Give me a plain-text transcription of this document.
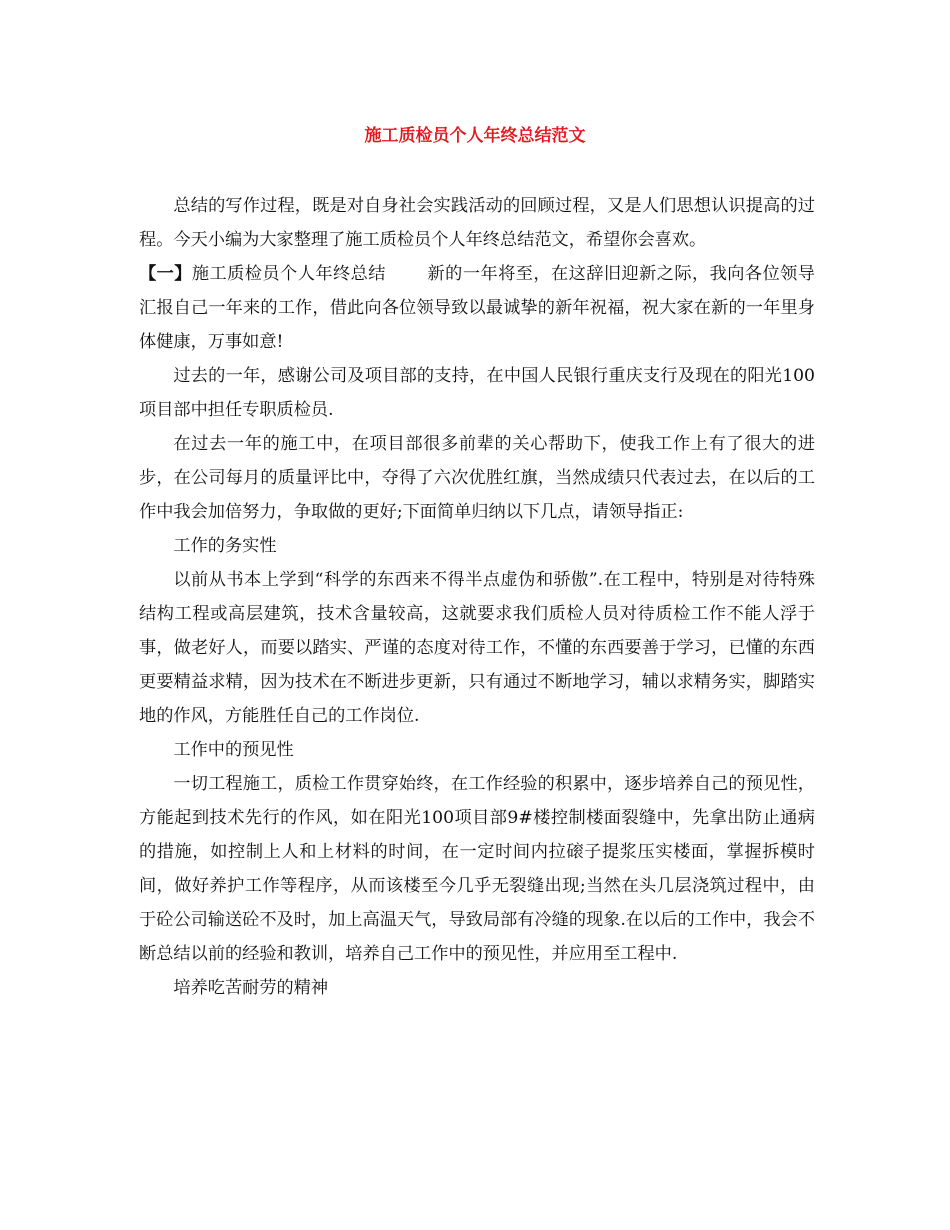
施工质检员个人年终总结范文

总结的写作过程，既是对自身社会实践活动的回顾过程，又是人们思想认识提高的过程。今天小编为大家整理了施工质检员个人年终总结范文，希望你会喜欢。

【一】施工质检员个人年终总结 新的一年将至，在这辞旧迎新之际，我向各位领导汇报自己一年来的工作，借此向各位领导致以最诚挚的新年祝福，祝大家在新的一年里身体健康，万事如意!

过去的一年，感谢公司及项目部的支持，在中国人民银行重庆支行及现在的阳光100项目部中担任专职质检员.

在过去一年的施工中，在项目部很多前辈的关心帮助下，使我工作上有了很大的进步，在公司每月的质量评比中，夺得了六次优胜红旗，当然成绩只代表过去，在以后的工作中我会加倍努力，争取做的更好;下面简单归纳以下几点，请领导指正:

工作的务实性

以前从书本上学到“科学的东西来不得半点虚伪和骄傲”.在工程中，特别是对待特殊结构工程或高层建筑，技术含量较高，这就要求我们质检人员对待质检工作不能人浮于事，做老好人，而要以踏实、严谨的态度对待工作，不懂的东西要善于学习，已懂的东西更要精益求精，因为技术在不断进步更新，只有通过不断地学习，辅以求精务实，脚踏实地的作风，方能胜任自己的工作岗位.

工作中的预见性

一切工程施工，质检工作贯穿始终，在工作经验的积累中，逐步培养自己的预见性，方能起到技术先行的作风，如在阳光100项目部9#楼控制楼面裂缝中，先拿出防止通病的措施，如控制上人和上材料的时间，在一定时间内拉磙子提浆压实楼面，掌握拆模时间，做好养护工作等程序，从而该楼至今几乎无裂缝出现;当然在头几层浇筑过程中，由于砼公司输送砼不及时，加上高温天气，导致局部有冷缝的现象.在以后的工作中，我会不断总结以前的经验和教训，培养自己工作中的预见性，并应用至工程中.

培养吃苦耐劳的精神
